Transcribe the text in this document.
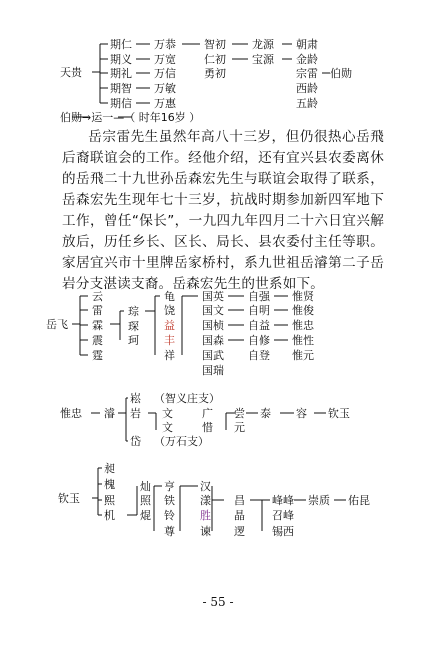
天贵
期仁
期义
期礼
期智
期信
万恭
万宽
万信
万敏
万惠
智初
仁初
勇初
龙源
宝源
朝肃
金龄
宗雷
西龄
五龄
伯勋
伯勋→运一—（ 时年16岁 ）
岳宗雷先生虽然年高八十三岁，但仍很热心岳飛后裔联谊会的工作。经他介绍，还有宜兴县农委离休的岳飛二十九世孙岳森宏先生与联谊会取得了联系，岳森宏先生现年七十三岁，抗战时期参加新四军地下工作，曾任“保长”，一九四九年四月二十六日宜兴解放后，历任乡长、区长、局长、县农委付主任等职。家居宜兴市十里牌岳家桥村，系九世祖岳濬第二子岳岩分支湛读支裔。岳森宏先生的世系如下。
岳飞
云
雷
霖
震
霆
琮
琛
珂
龟
饶
益
丰
祥
国英
国文
国桢
国森
国武
国瑞
自强
自明
自益
自修
自登
惟贤
惟俊
惟忠
惟性
惟元
惟忠 濬
崧
岩
岱
（智义庄支）
（万石支）
文
文
广
惜
尝
元
泰 容 钦玉
钦玉
昶
槐
熙
机
灿
照
焜
亨
铁
铃
尊
汉
漾
胜
谏
昌
晶
逻
峰峰
召峰
锡西
崇质 佑昆
- 55 -
